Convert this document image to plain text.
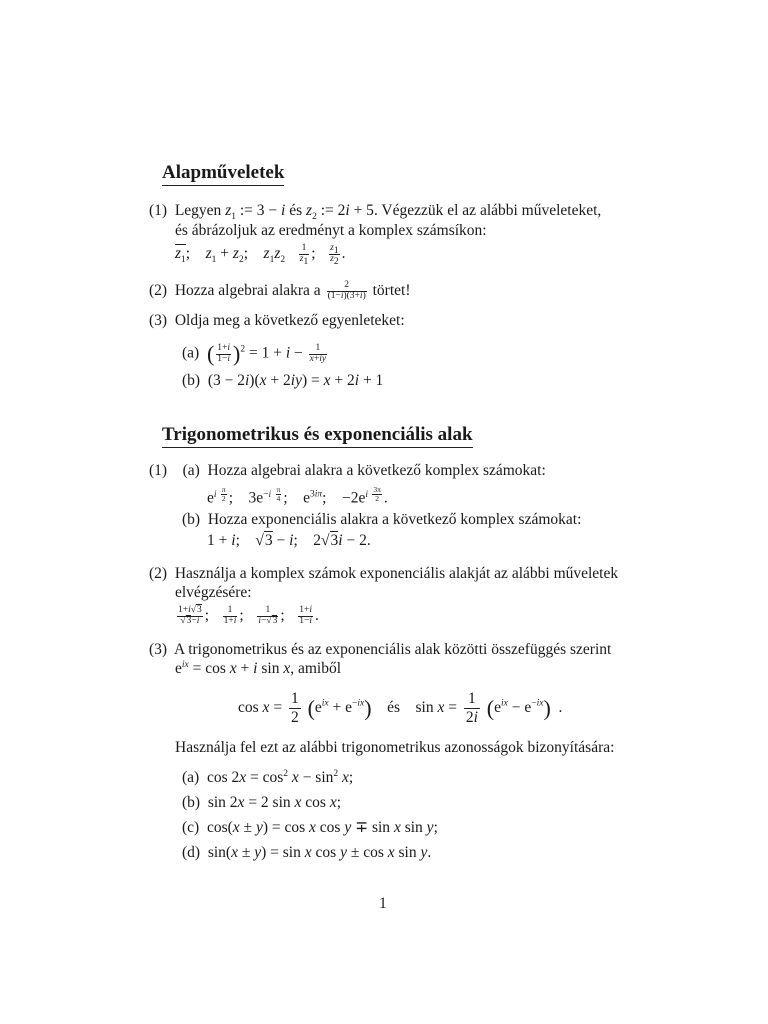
Alapműveletek
(1) Legyen $z_1$ := 3 − i és $z_2$ := 2i + 5. Végezzük el az alábbi műveleteket,
és ábrázoljuk az eredményt a komplex számsíkon:
$z_1$;    $z_1 + z_2$;    $z_1z_2 \frac{1}{z_1}$ ; $\frac{z_1}{z_2}$ .
(2) Hozza algebrai alakra a $\frac{2}{(1-i)(3+i)}$ törtet!
(3) Oldja meg a következő egyenleteket:
(a) ( $\frac{1+i}{1-i} )^2 = 1 + i - \frac{1}{x+iy}$
(b)  (3 − 2i)(x + 2iy) = x + 2i + 1
Trigonometrikus és exponenciális alak
(1) (a) Hozza algebrai alakra a következő komplex számokat:
$e^{i \frac{\pi}{2}}$ ;    $3e^{-i \frac{\pi}{4}}$ ;    $e^{3i\pi}$;    $-2e^{i \frac{3\pi}{2}}$ .
(b) Hozza exponenciális alakra a következő komplex számokat:
1 + i;    √3 − i;    2√3i − 2.
(2) Használja a komplex számok exponenciális alakját az alábbi műveletek
elvégzésére:
$\frac{1+i√3}{√3-i}$ ; $\frac{1}{1+i}$ ; $\frac{1}{i-√3}$ ; $\frac{1+i}{1-i}$ .
(3) A trigonometrikus és az exponenciális alak közötti összefüggés szerint
$e^{ix} = \cos x + i$ sin x, amiből
$\cos x = \frac{1}{2} (e^{ix} + e^{-ix})$ és    $\sin x = \frac{1}{2i} (e^{ix} - e^{-ix})$  .
Használja fel ezt az alábbi trigonometrikus azonosságok bizonyítására:
(a)  $\cos 2x = \cos^2 x - \sin^2 x$;
(b)  sin 2x = 2 sin x cos x;
(c)  cos(x ± y) = cos x cos y ∓ sin x sin y;
(d)  sin(x ± y) = sin x cos y ± cos x sin y.
1
